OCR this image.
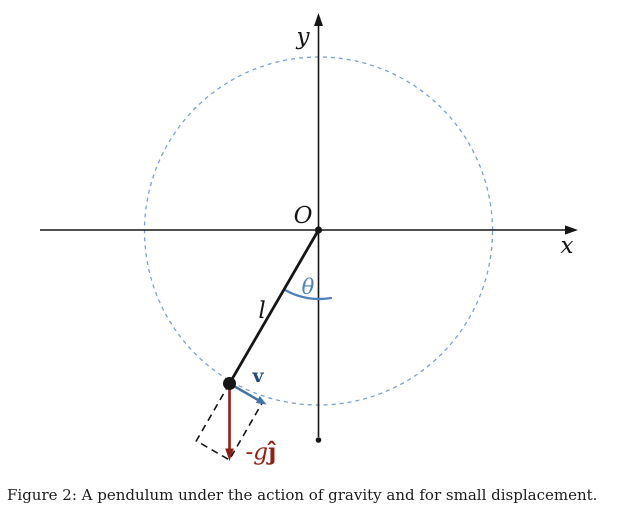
y
x
O
l
θ
v
-gĵ
Figure 2: A pendulum under the action of gravity and for small displacement.
